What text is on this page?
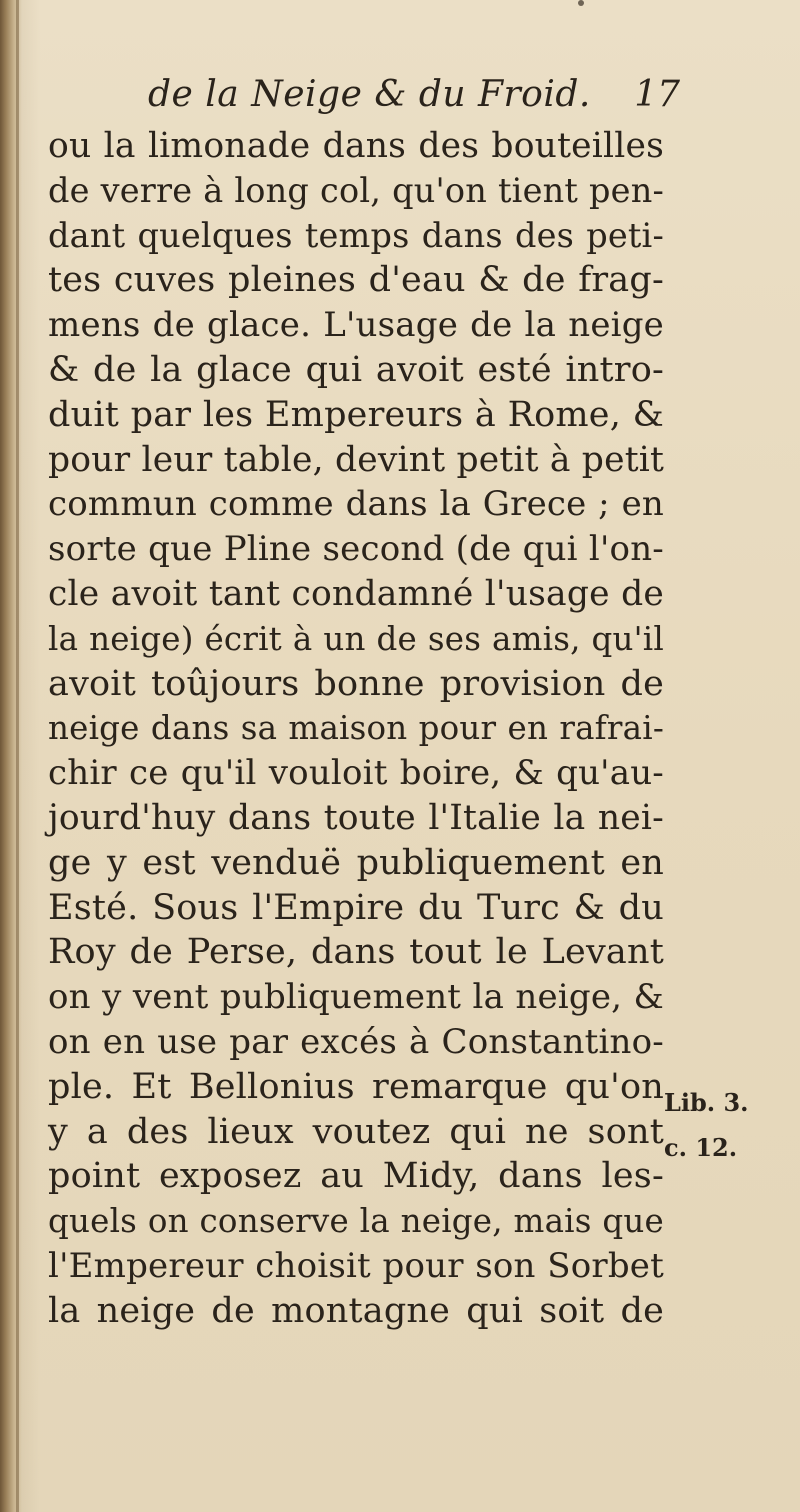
de la Neige & du Froid. 17
ou la limonade dans des bouteilles
de verre à long col, qu'on tient pen-
dant quelques temps dans des peti-
tes cuves pleines d'eau & de frag-
mens de glace. L'usage de la neige
& de la glace qui avoit esté intro-
duit par les Empereurs à Rome, &
pour leur table, devint petit à petit
commun comme dans la Grece ; en
sorte que Pline second (de qui l'on-
cle avoit tant condamné l'usage de
la neige) écrit à un de ses amis, qu'il
avoit toûjours bonne provision de
neige dans sa maison pour en rafrai-
chir ce qu'il vouloit boire, & qu'au-
jourd'huy dans toute l'Italie la nei-
ge y est venduë publiquement en
Esté. Sous l'Empire du Turc & du
Roy de Perse, dans tout le Levant
on y vent publiquement la neige, &
on en use par excés à Constantino-
ple. Et Bellonius remarque qu'on
y a des lieux voutez qui ne sont
point exposez au Midy, dans les-
quels on conserve la neige, mais que
l'Empereur choisit pour son Sorbet
la neige de montagne qui soit de
Lib. 3.
c. 12.
